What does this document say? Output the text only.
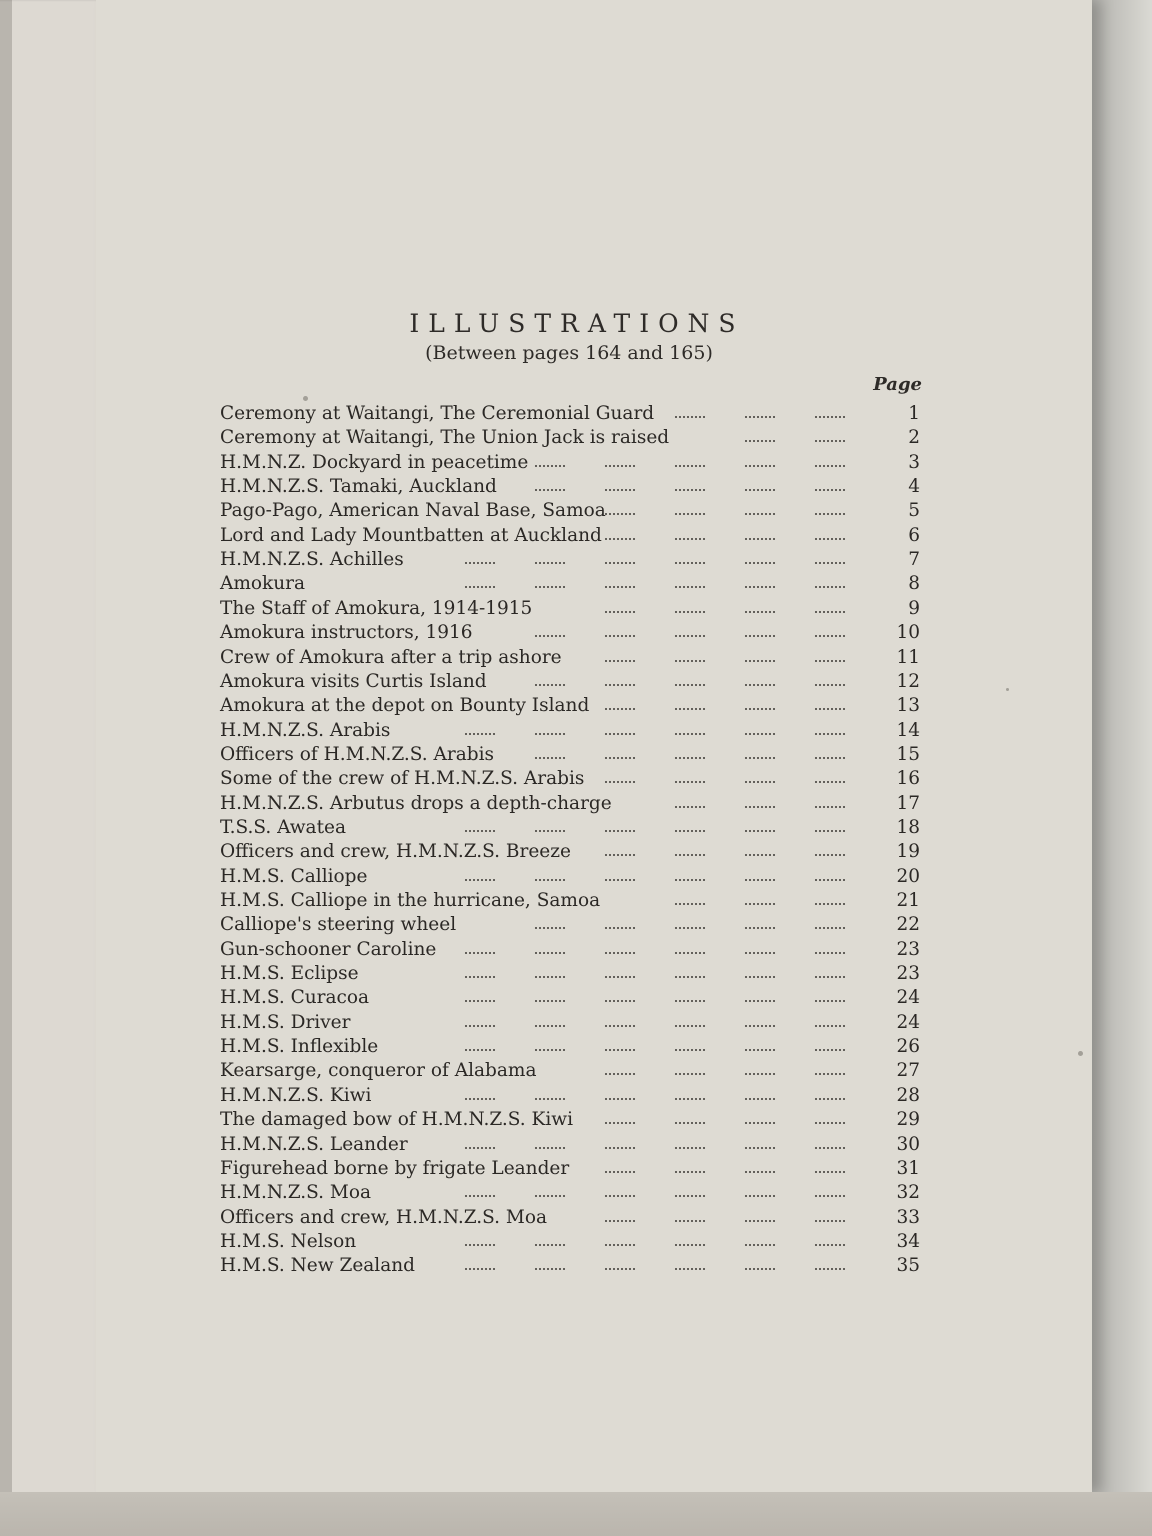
ILLUSTRATIONS
(Between pages 164 and 165)
Page
Ceremony at Waitangi, The Ceremonial Guard	1
Ceremony at Waitangi, The Union Jack is raised	2
H.M.N.Z. Dockyard in peacetime	3
H.M.N.Z.S. Tamaki, Auckland	4
Pago-Pago, American Naval Base, Samoa	5
Lord and Lady Mountbatten at Auckland	6
H.M.N.Z.S. Achilles	7
Amokura	8
The Staff of Amokura, 1914-1915	9
Amokura instructors, 1916	10
Crew of Amokura after a trip ashore	11
Amokura visits Curtis Island	12
Amokura at the depot on Bounty Island	13
H.M.N.Z.S. Arabis	14
Officers of H.M.N.Z.S. Arabis	15
Some of the crew of H.M.N.Z.S. Arabis	16
H.M.N.Z.S. Arbutus drops a depth-charge	17
T.S.S. Awatea	18
Officers and crew, H.M.N.Z.S. Breeze	19
H.M.S. Calliope	20
H.M.S. Calliope in the hurricane, Samoa	21
Calliope's steering wheel	22
Gun-schooner Caroline	23
H.M.S. Eclipse	23
H.M.S. Curacoa	24
H.M.S. Driver	24
H.M.S. Inflexible	26
Kearsarge, conqueror of Alabama	27
H.M.N.Z.S. Kiwi	28
The damaged bow of H.M.N.Z.S. Kiwi	29
H.M.N.Z.S. Leander	30
Figurehead borne by frigate Leander	31
H.M.N.Z.S. Moa	32
Officers and crew, H.M.N.Z.S. Moa	33
H.M.S. Nelson	34
H.M.S. New Zealand	35
